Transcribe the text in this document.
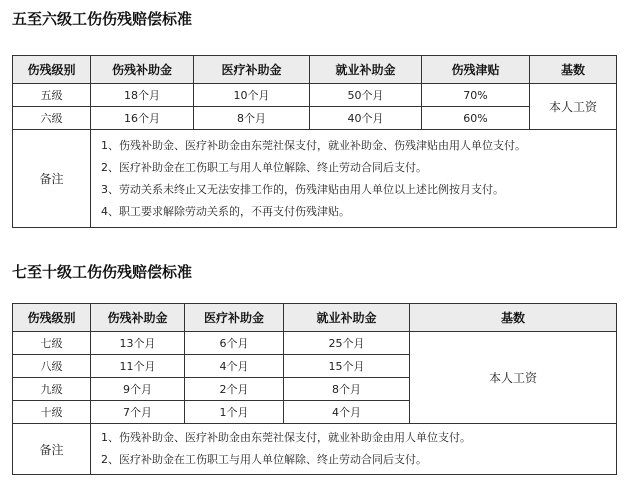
五至六级工伤伤残赔偿标准
伤残级别	伤残补助金	医疗补助金	就业补助金	伤残津贴	基数
五级	18个月	10个月	50个月	70%	本人工资
六级	16个月	8个月	40个月	60%	
备注	1、伤残补助金、医疗补助金由东莞社保支付，就业补助金、伤残津贴由用人单位支付。
2、医疗补助金在工伤职工与用人单位解除、终止劳动合同后支付。
3、劳动关系未终止又无法安排工作的，伤残津贴由用人单位以上述比例按月支付。
4、职工要求解除劳动关系的，不再支付伤残津贴。				
七至十级工伤伤残赔偿标准
伤残级别	伤残补助金	医疗补助金	就业补助金	基数
七级	13个月	6个月	25个月	本人工资
八级	11个月	4个月	15个月	
九级	9个月	2个月	8个月	
十级	7个月	1个月	4个月	
备注	1、伤残补助金、医疗补助金由东莞社保支付，就业补助金由用人单位支付。
2、医疗补助金在工伤职工与用人单位解除、终止劳动合同后支付。			
